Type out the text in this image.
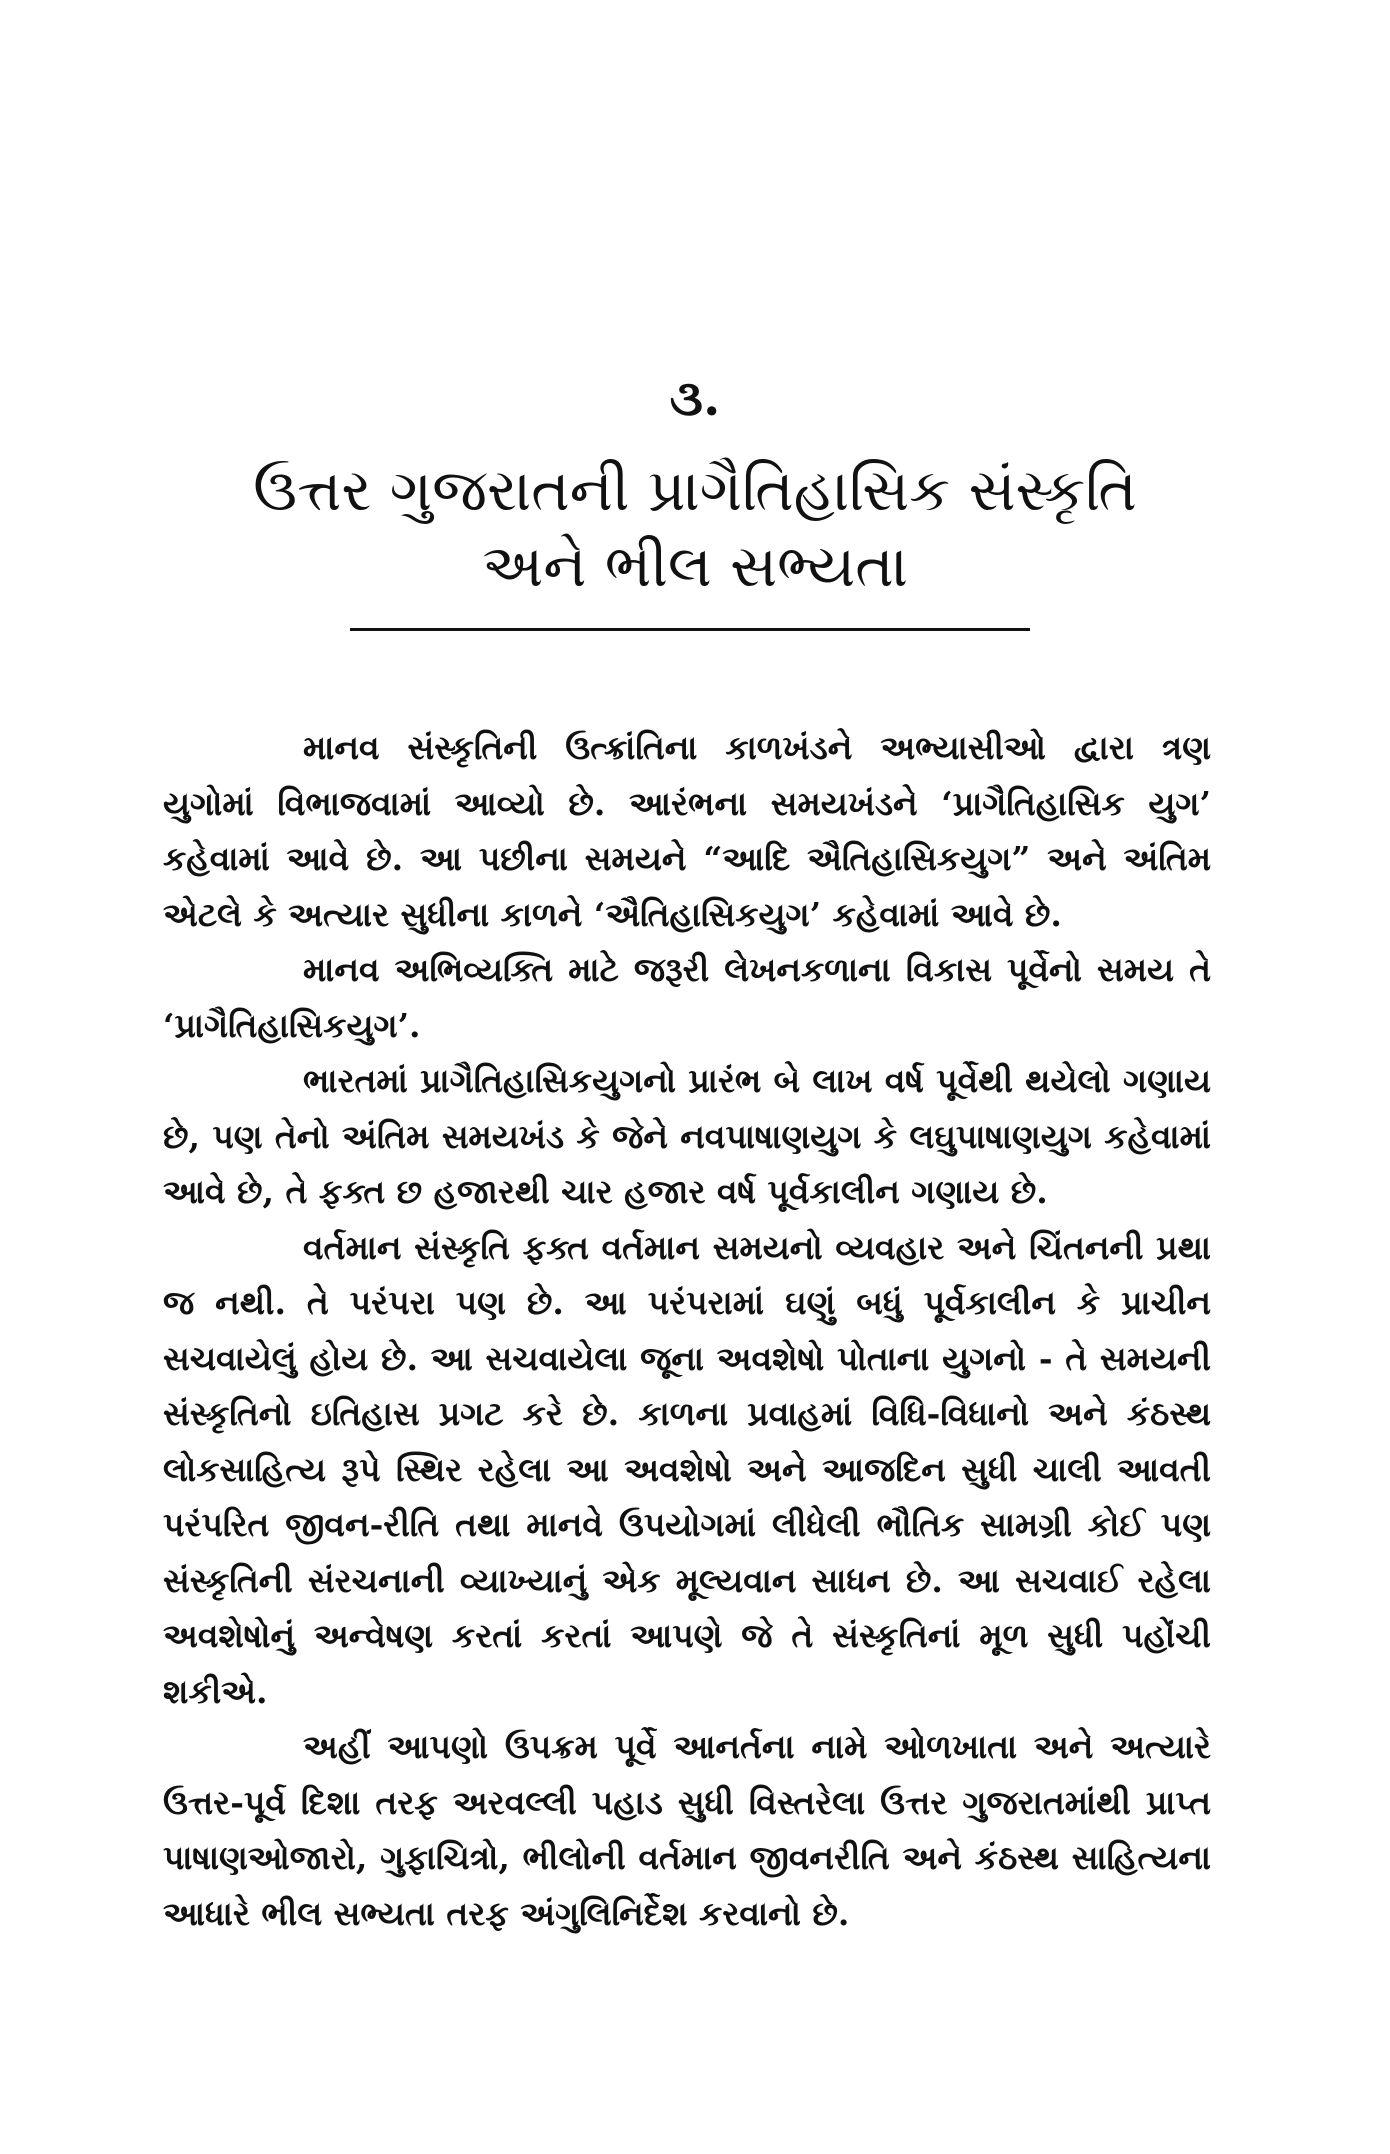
૩.
ઉત્તર ગુજરાતની પ્રાગૈતિહાસિક સંસ્કૃતિ
અને ભીલ સભ્યતા

માનવ સંસ્કૃતિની ઉત્ક્રાંતિના કાળખંડને અભ્યાસીઓ દ્વારા ત્રણ યુગોમાં વિભાજવામાં આવ્યો છે. આરંભના સમયખંડને ‘પ્રાગૈતિહાસિક યુગ’ કહેવામાં આવે છે. આ પછીના સમયને “આદિ ઐતિહાસિકયુગ” અને અંતિમ એટલે કે અત્યાર સુધીના કાળને ‘ઐતિહાસિકયુગ’ કહેવામાં આવે છે.

માનવ અભિવ્યક્તિ માટે જરૂરી લેખનકળાના વિકાસ પૂર્વેનો સમય તે ‘પ્રાગૈતિહાસિકયુગ’.

ભારતમાં પ્રાગૈતિહાસિકયુગનો પ્રારંભ બે લાખ વર્ષ પૂર્વેથી થયેલો ગણાય છે, પણ તેનો અંતિમ સમયખંડ કે જેને નવપાષાણયુગ કે લઘુપાષાણયુગ કહેવામાં આવે છે, તે ફક્ત છ હજારથી ચાર હજાર વર્ષ પૂર્વકાલીન ગણાય છે.

વર્તમાન સંસ્કૃતિ ફક્ત વર્તમાન સમયનો વ્યવહાર અને ચિંતનની પ્રથા જ નથી. તે પરંપરા પણ છે. આ પરંપરામાં ઘણું બધું પૂર્વકાલીન કે પ્રાચીન સચવાયેલું હોય છે. આ સચવાયેલા જૂના અવશેષો પોતાના યુગનો - તે સમયની સંસ્કૃતિનો ઇતિહાસ પ્રગટ કરે છે. કાળના પ્રવાહમાં વિધિ-વિધાનો અને કંઠસ્થ લોકસાહિત્ય રૂપે સ્થિર રહેલા આ અવશેષો અને આજદિન સુધી ચાલી આવતી પરંપરિત જીવન-રીતિ તથા માનવે ઉપયોગમાં લીધેલી ભૌતિક સામગ્રી કોઈ પણ સંસ્કૃતિની સંરચનાની વ્યાખ્યાનું એક મૂલ્યવાન સાધન છે. આ સચવાઈ રહેલા અવશેષોનું અન્વેષણ કરતાં કરતાં આપણે જે તે સંસ્કૃતિનાં મૂળ સુધી પહોંચી શકીએ.

અહીં આપણો ઉપક્રમ પૂર્વે આનર્તના નામે ઓળખાતા અને અત્યારે ઉત્તર-પૂર્વ દિશા તરફ અરવલ્લી પહાડ સુધી વિસ્તરેલા ઉત્તર ગુજરાતમાંથી પ્રાપ્ત પાષાણઓજારો, ગુફાચિત્રો, ભીલોની વર્તમાન જીવનરીતિ અને કંઠસ્થ સાહિત્યના આધારે ભીલ સભ્યતા તરફ અંગુલિનિર્દેશ કરવાનો છે.
